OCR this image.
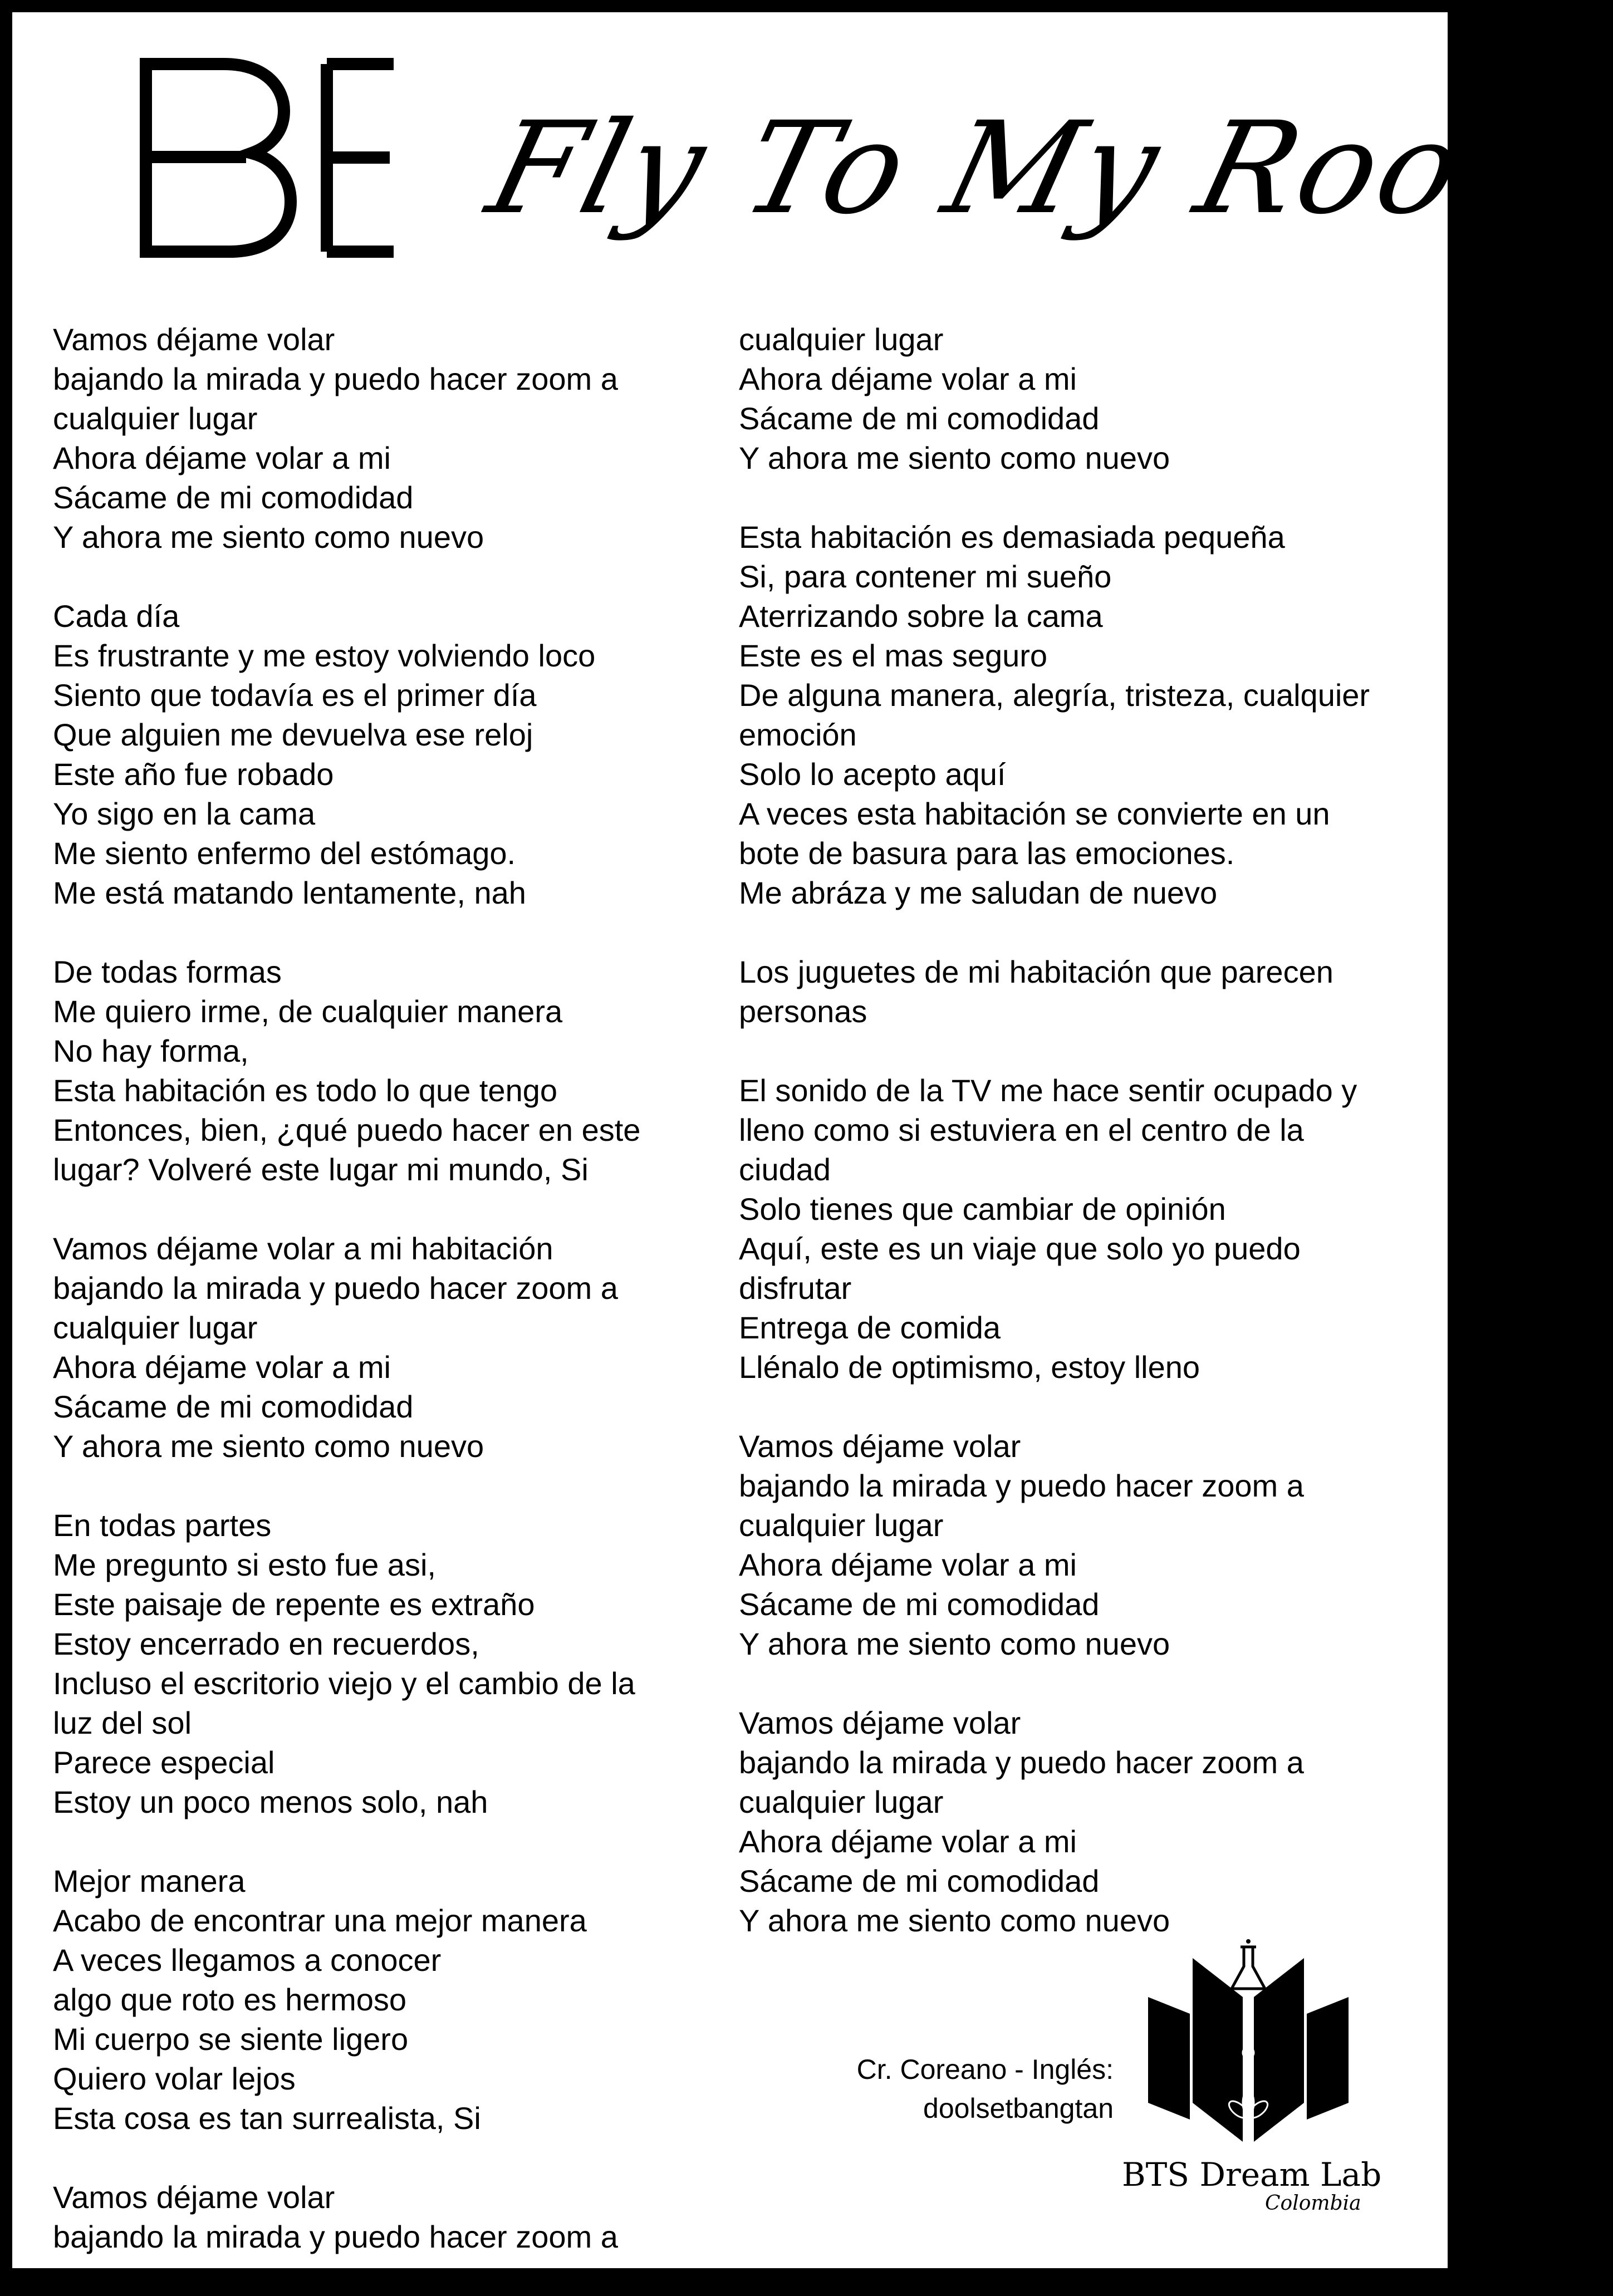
Fly To My Room
Vamos déjame volar
bajando la mirada y puedo hacer zoom a
cualquier lugar
Ahora déjame volar a mi
Sácame de mi comodidad
Y ahora me siento como nuevo
Cada día
Es frustrante y me estoy volviendo loco
Siento que todavía es el primer día
Que alguien me devuelva ese reloj
Este año fue robado
Yo sigo en la cama
Me siento enfermo del estómago.
Me está matando lentamente, nah
De todas formas
Me quiero irme, de cualquier manera
No hay forma,
Esta habitación es todo lo que tengo
Entonces, bien, ¿qué puedo hacer en este
lugar? Volveré este lugar mi mundo, Si
Vamos déjame volar a mi habitación
bajando la mirada y puedo hacer zoom a
cualquier lugar
Ahora déjame volar a mi
Sácame de mi comodidad
Y ahora me siento como nuevo
En todas partes
Me pregunto si esto fue asi,
Este paisaje de repente es extraño
Estoy encerrado en recuerdos,
Incluso el escritorio viejo y el cambio de la
luz del sol
Parece especial
Estoy un poco menos solo, nah
Mejor manera
Acabo de encontrar una mejor manera
A veces llegamos a conocer
algo que roto es hermoso
Mi cuerpo se siente ligero
Quiero volar lejos
Esta cosa es tan surrealista, Si
Vamos déjame volar
bajando la mirada y puedo hacer zoom a
cualquier lugar
Ahora déjame volar a mi
Sácame de mi comodidad
Y ahora me siento como nuevo
Esta habitación es demasiada pequeña
Si, para contener mi sueño
Aterrizando sobre la cama
Este es el mas seguro
De alguna manera, alegría, tristeza, cualquier
emoción
Solo lo acepto aquí
A veces esta habitación se convierte en un
bote de basura para las emociones.
Me abráza y me saludan de nuevo
Los juguetes de mi habitación que parecen
personas
El sonido de la TV me hace sentir ocupado y
lleno como si estuviera en el centro de la
ciudad
Solo tienes que cambiar de opinión
Aquí, este es un viaje que solo yo puedo
disfrutar
Entrega de comida
Llénalo de optimismo, estoy lleno
Vamos déjame volar
bajando la mirada y puedo hacer zoom a
cualquier lugar
Ahora déjame volar a mi
Sácame de mi comodidad
Y ahora me siento como nuevo
Vamos déjame volar
bajando la mirada y puedo hacer zoom a
cualquier lugar
Ahora déjame volar a mi
Sácame de mi comodidad
Y ahora me siento como nuevo
Cr. Coreano - Inglés:
doolsetbangtan
BTS Dream Lab
Colombia
